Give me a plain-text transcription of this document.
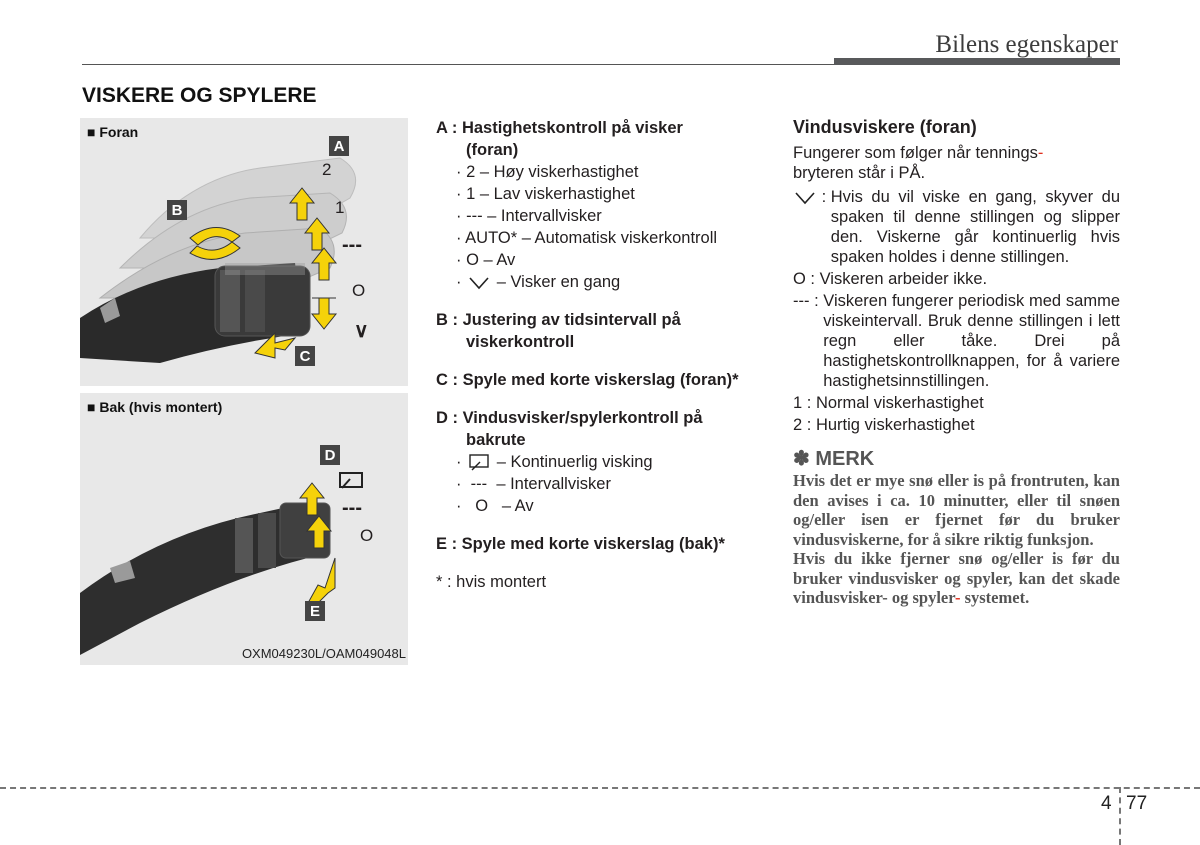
Bilens egenskaper
VISKERE OG SPYLERE
■ Foran
A
B
C
2
1
---
O
∨
■ Bak (hvis montert)
D
E
---
O
OXM049230L/OAM049048L
A : Hastighetskontroll på visker
(foran)
· 2 – Høy viskerhastighet
· 1 – Lav viskerhastighet
· --- – Intervallvisker
· AUTO* – Automatisk viskerkontroll
· O – Av
· – Visker en gang
B : Justering av tidsintervall på
viskerkontroll
C : Spyle med korte viskerslag (foran)*
D : Vindusvisker/spylerkontroll på
bakrute
· – Kontinuerlig visking
·  ---  – Intervallvisker
·   O   – Av
E : Spyle med korte viskerslag (bak)*
* : hvis montert
Vindusviskere (foran)
Fungerer som følger når tennings-
bryteren står i PÅ.
: Hvis du vil viske en gang, skyver du spaken til denne stillingen og slipper den. Viskerne går kontinuerlig hvis spaken holdes i denne stillingen.
O : Viskeren arbeider ikke.
--- : Viskeren fungerer periodisk med samme viskeintervall. Bruk denne stillingen i lett regn eller tåke. Drei på hastighetskontrollknappen, for å variere hastighetsinnstillingen.
1 : Normal viskerhastighet
2 : Hurtig viskerhastighet
✽ MERK
Hvis det er mye snø eller is på frontruten, kan den avises i ca. 10 minutter, eller til snøen og/eller isen er fjernet før du bruker vindusviskerne, for å sikre riktig funksjon.
Hvis du ikke fjerner snø og/eller is før du bruker vindusvisker og spyler, kan det skade vindusvisker- og spyler- systemet.
4 77
